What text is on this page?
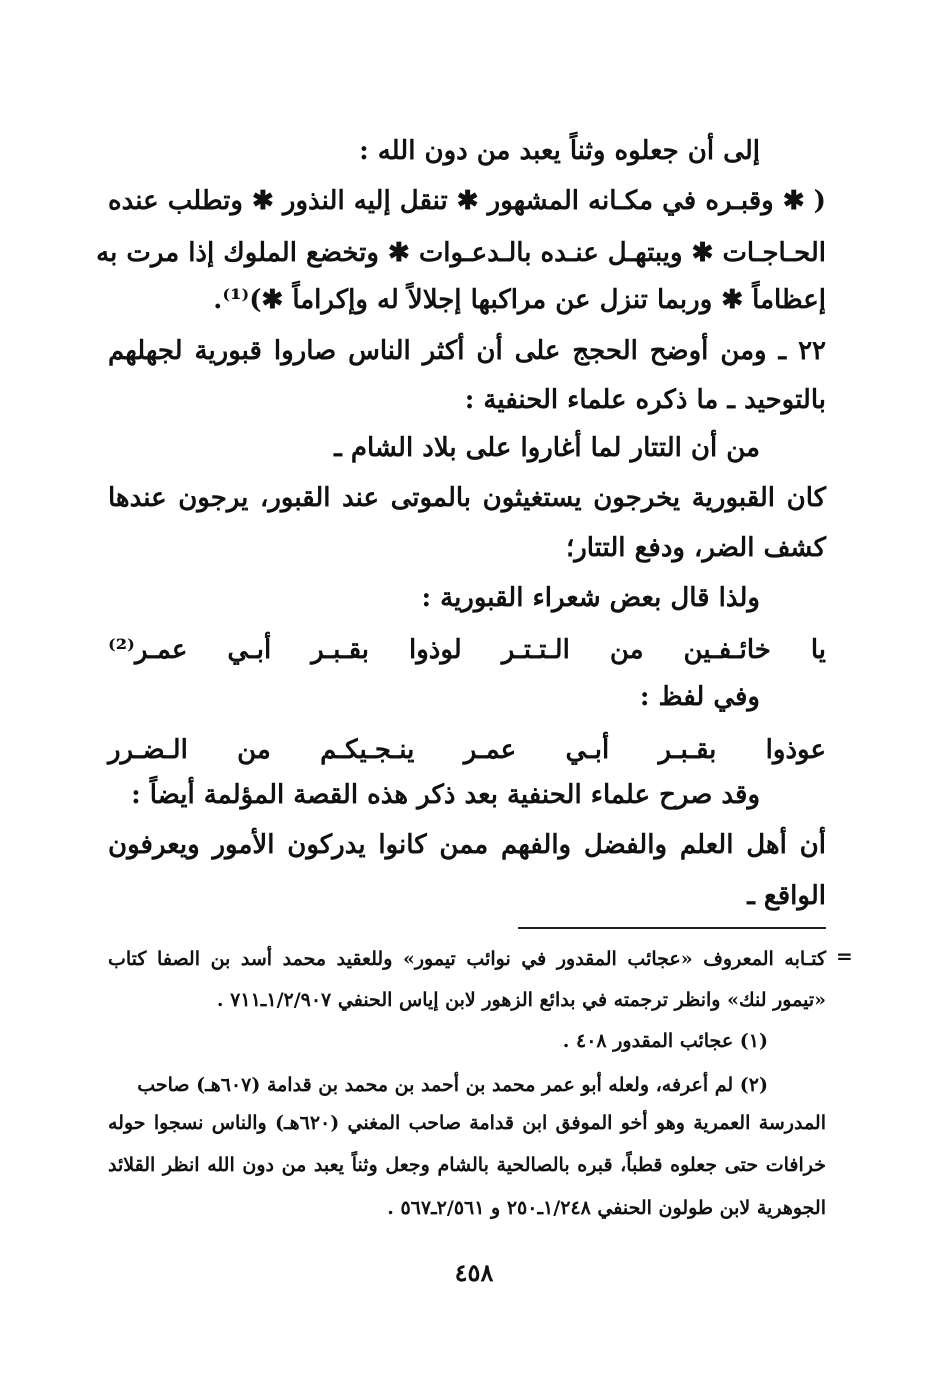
إلى أن جعلوه وثناً يعبد من دون الله :
( ✱ وقبـره في مكـانه المشهور ✱ تنقل إليه النذور ✱ وتطلب عنده
الحـاجـات ✱ ويبتهـل عنـده بالـدعـوات ✱ وتخضع الملوك إذا مرت به
إعظاماً ✱ وربما تنزل عن مراكبها إجلالاً له وإكراماً ✱)⁽¹⁾.
٢٢ ـ ومن أوضح الحجج على أن أكثر الناس صاروا قبورية لجهلهم
بالتوحيد ـ ما ذكره علماء الحنفية :
من أن التتار لما أغاروا على بلاد الشام ـ
كان القبورية يخرجون يستغيثون بالموتى عند القبور، يرجون عندها
كشف الضر، ودفع التتار؛
ولذا قال بعض شعراء القبورية :
يا خائـفـين من الـتـتـر لوذوا بقـبـر أبـي عمـر⁽²⁾
وفي لفظ :
عوذوا بقـبـر أبـي عمـر ينـجـيكـم من الـضـرر
وقد صرح علماء الحنفية بعد ذكر هذه القصة المؤلمة أيضاً :
أن أهل العلم والفضل والفهم ممن كانوا يدركون الأمور ويعرفون
الواقع ـ
=
كتـابه المعروف «عجائب المقدور في نوائب تيمور» وللعقيد محمد أسد بن الصفا كتاب
«تيمور لنك» وانظر ترجمته في بدائع الزهور لابن إياس الحنفي ١/٢/٩٠٧ـ٧١١ .
(١) عجائب المقدور ٤٠٨ .
(٢) لم أعرفه، ولعله أبو عمر محمد بن أحمد بن محمد بن قدامة (٦٠٧هـ) صاحب
المدرسة العمرية وهو أخو الموفق ابن قدامة صاحب المغني (٦٢٠هـ) والناس نسجوا حوله
خرافات حتى جعلوه قطباً، قبره بالصالحية بالشام وجعل وثناً يعبد من دون الله انظر القلائد
الجوهرية لابن طولون الحنفي ١/٢٤٨ـ٢٥٠ و ٢/٥٦١ـ٥٦٧ .
٤٥٨
